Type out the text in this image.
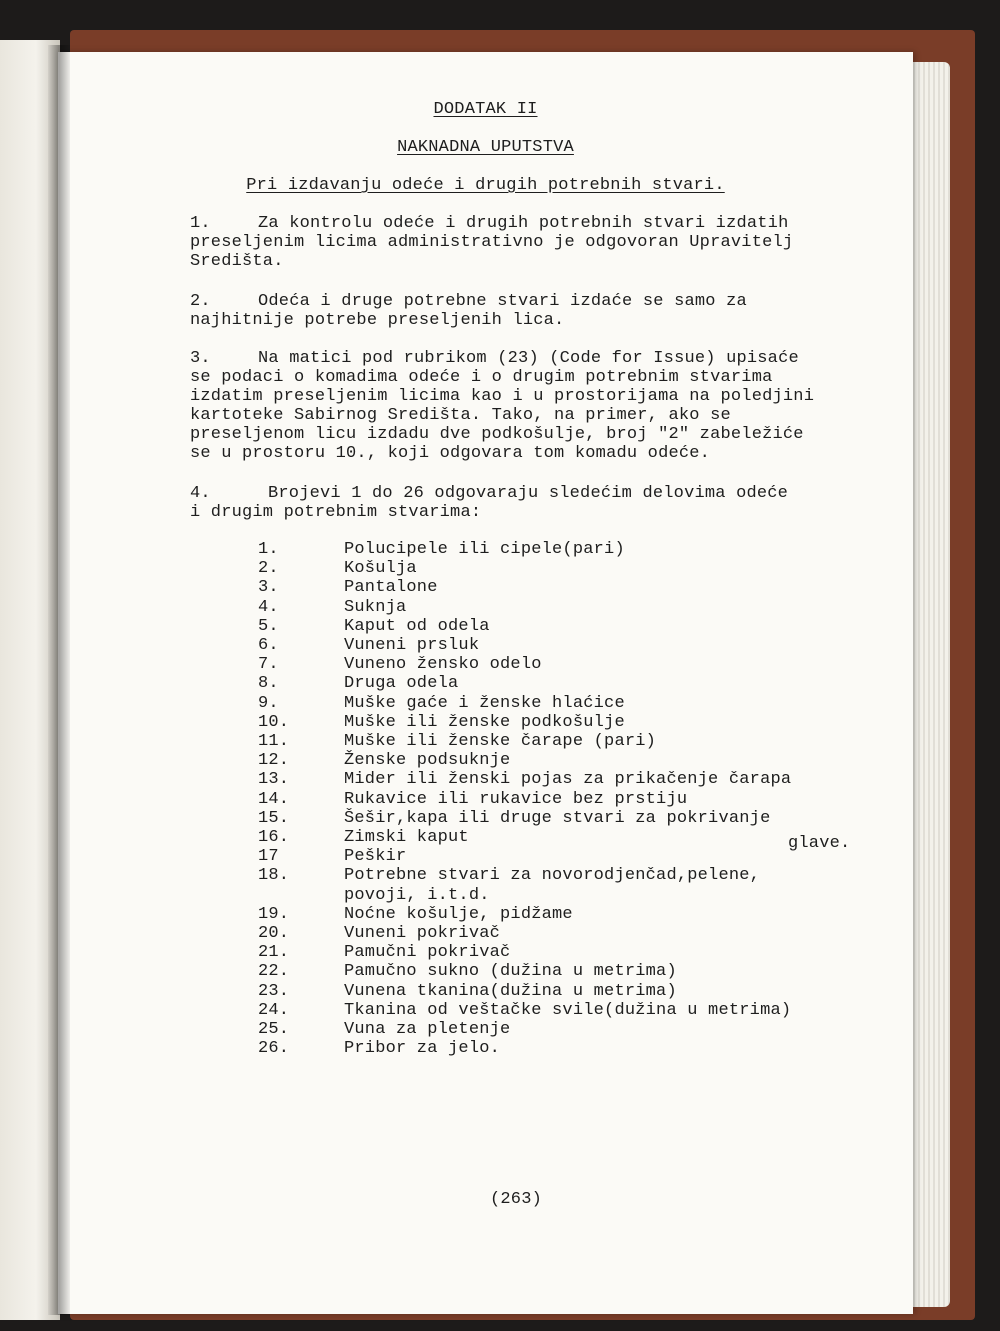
DODATAK II
NAKNADNA UPUTSTVA
Pri izdavanju odeće i drugih potrebnih stvari.
1.	Za kontrolu odeće i drugih potrebnih stvari izdatih
preseljenim licima administrativno je odgovoran Upravitelj
Središta.
2.	Odeća i druge potrebne stvari izdaće se samo za
najhitnije potrebe preseljenih lica.
3.	Na matici pod rubrikom (23) (Code for Issue) upisaće
se podaci o komadima odeće i o drugim potrebnim stvarima
izdatim preseljenim licima kao i u prostorijama na poledjini
kartoteke Sabirnog Središta. Tako, na primer, ako se
preseljenom licu izdadu dve podkošulje, broj "2" zabeležiće
se u prostoru 10., koji odgovara tom komadu odeće.
4.	Brojevi 1 do 26 odgovaraju sledećim delovima odeće
i drugim potrebnim stvarima:
1.	Polucipele ili cipele(pari)
2.	Košulja
3.	Pantalone
4.	Suknja
5.	Kaput od odela
6.	Vuneni prsluk
7.	Vuneno žensko odelo
8.	Druga odela
9.	Muške gaće i ženske hlaćice
10.	Muške ili ženske podkošulje
11.	Muške ili ženske čarape (pari)
12.	Ženske podsuknje
13.	Mider ili ženski pojas za prikačenje čarapa
14.	Rukavice ili rukavice bez prstiju
15.	Šešir,kapa ili druge stvari za pokrivanje
16.	Zimski kaput
17	Peškir
18.	Potrebne stvari za novorodjenčad,pelene,
povoji, i.t.d.
19.	Noćne košulje, pidžame
20.	Vuneni pokrivač
21.	Pamučni pokrivač
22.	Pamučno sukno (dužina u metrima)
23.	Vunena tkanina(dužina u metrima)
24.	Tkanina od veštačke svile(dužina u metrima)
25.	Vuna za pletenje
26.	Pribor za jelo.
glave.
(263)
